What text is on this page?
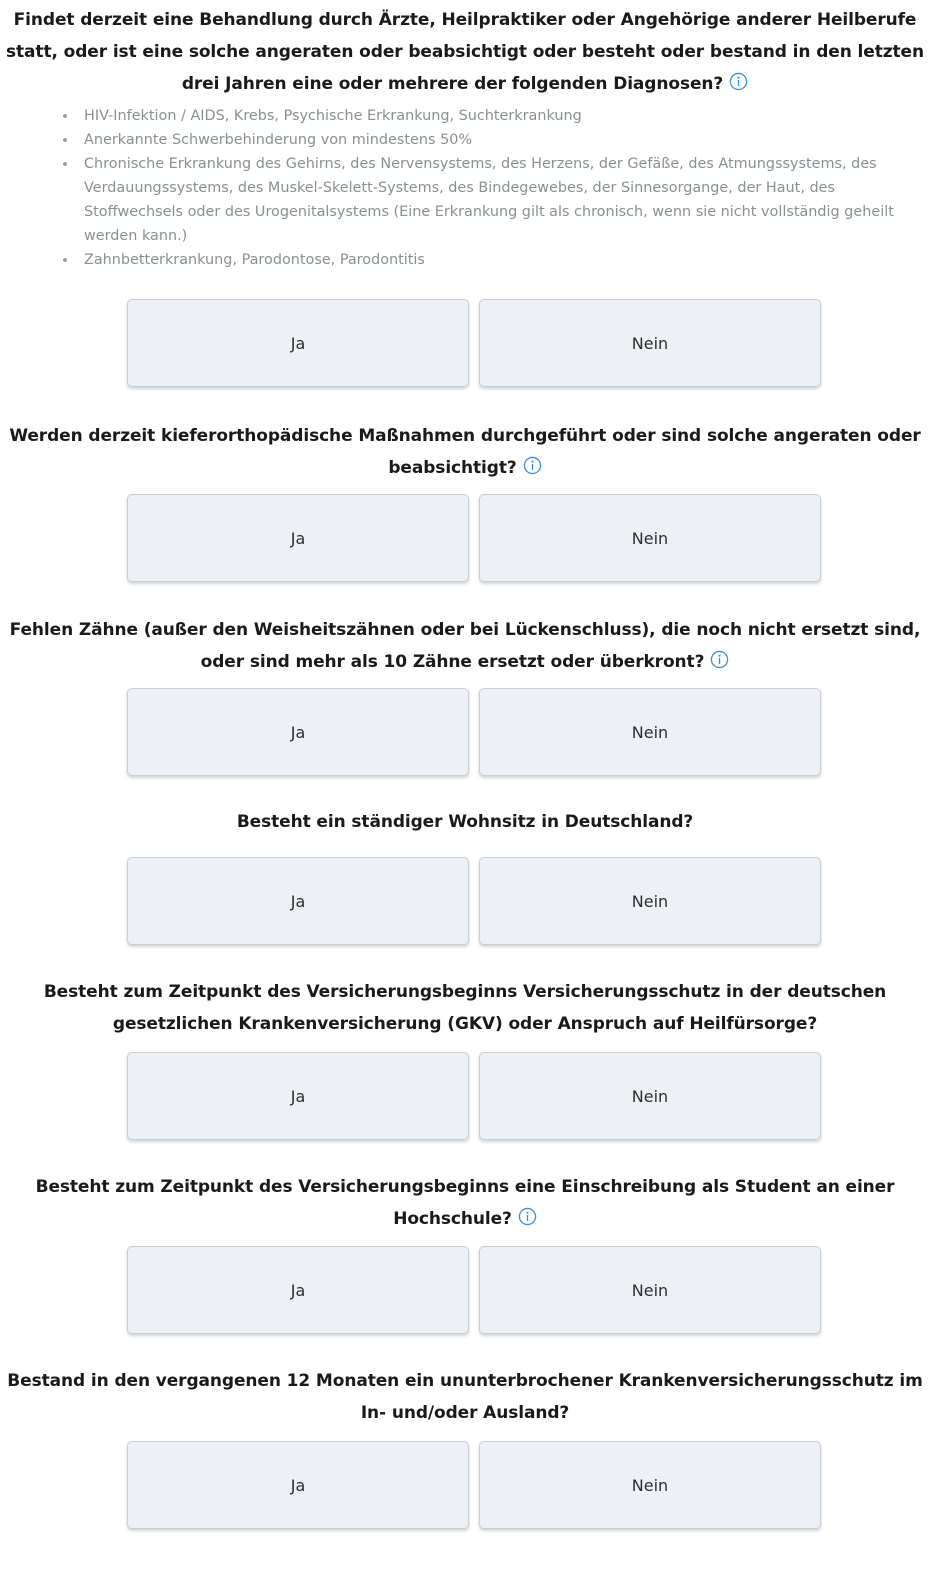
Findet derzeit eine Behandlung durch Ärzte, Heilpraktiker oder Angehörige anderer Heilberufe
statt, oder ist eine solche angeraten oder beabsichtigt oder besteht oder bestand in den letzten
drei Jahren eine oder mehrere der folgenden Diagnosen?
HIV-Infektion / AIDS, Krebs, Psychische Erkrankung, Suchterkrankung
Anerkannte Schwerbehinderung von mindestens 50%
Chronische Erkrankung des Gehirns, des Nervensystems, des Herzens, der Gefäße, des Atmungssystems, des Verdauungssystems, des Muskel-Skelett-Systems, des Bindegewebes, der Sinnesorgange, der Haut, des Stoffwechsels oder des Urogenitalsystems (Eine Erkrankung gilt als chronisch, wenn sie nicht vollständig geheilt werden kann.)
Zahnbetterkrankung, Parodontose, Parodontitis
Ja	Nein
Werden derzeit kieferorthopädische Maßnahmen durchgeführt oder sind solche angeraten oder
beabsichtigt?
Ja	Nein
Fehlen Zähne (außer den Weisheitszähnen oder bei Lückenschluss), die noch nicht ersetzt sind,
oder sind mehr als 10 Zähne ersetzt oder überkront?
Ja	Nein
Besteht ein ständiger Wohnsitz in Deutschland?
Ja	Nein
Besteht zum Zeitpunkt des Versicherungsbeginns Versicherungsschutz in der deutschen
gesetzlichen Krankenversicherung (GKV) oder Anspruch auf Heilfürsorge?
Ja	Nein
Besteht zum Zeitpunkt des Versicherungsbeginns eine Einschreibung als Student an einer
Hochschule?
Ja	Nein
Bestand in den vergangenen 12 Monaten ein ununterbrochener Krankenversicherungsschutz im
In- und/oder Ausland?
Ja	Nein
